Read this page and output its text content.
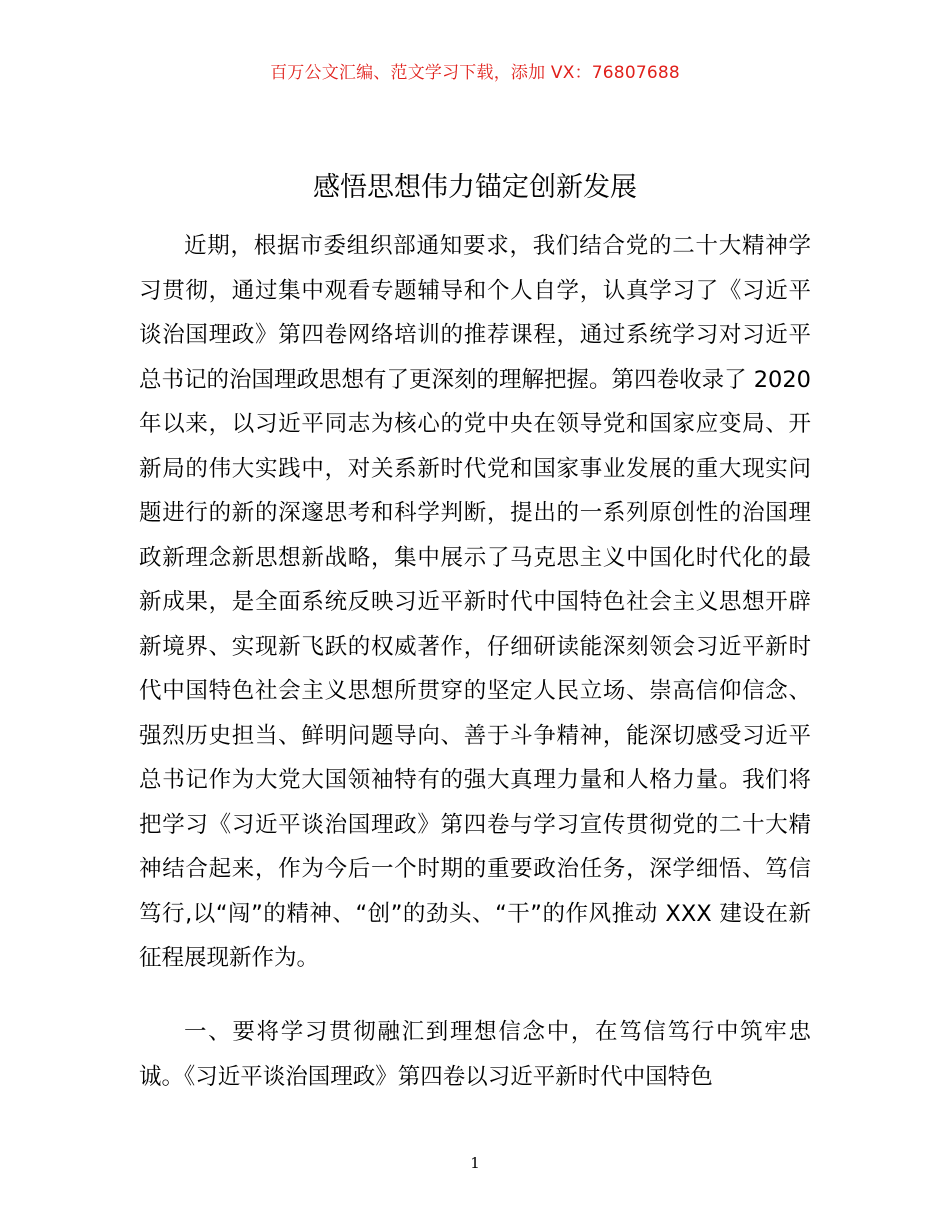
百万公文汇编、范文学习下载，添加 VX：76807688
感悟思想伟力锚定创新发展

近期，根据市委组织部通知要求，我们结合党的二十大精神学习贯彻，通过集中观看专题辅导和个人自学，认真学习了《习近平谈治国理政》第四卷网络培训的推荐课程，通过系统学习对习近平总书记的治国理政思想有了更深刻的理解把握。第四卷收录了 2020 年以来，以习近平同志为核心的党中央在领导党和国家应变局、开新局的伟大实践中，对关系新时代党和国家事业发展的重大现实问题进行的新的深邃思考和科学判断，提出的一系列原创性的治国理政新理念新思想新战略，集中展示了马克思主义中国化时代化的最新成果，是全面系统反映习近平新时代中国特色社会主义思想开辟新境界、实现新飞跃的权威著作，仔细研读能深刻领会习近平新时代中国特色社会主义思想所贯穿的坚定人民立场、崇高信仰信念、强烈历史担当、鲜明问题导向、善于斗争精神，能深切感受习近平总书记作为大党大国领袖特有的强大真理力量和人格力量。我们将把学习《习近平谈治国理政》第四卷与学习宣传贯彻党的二十大精神结合起来，作为今后一个时期的重要政治任务，深学细悟、笃信笃行,以“闯”的精神、“创”的劲头、“干”的作风推动 XXX 建设在新征程展现新作为。

一、要将学习贯彻融汇到理想信念中，在笃信笃行中筑牢忠诚。《习近平谈治国理政》第四卷以习近平新时代中国特色

1
